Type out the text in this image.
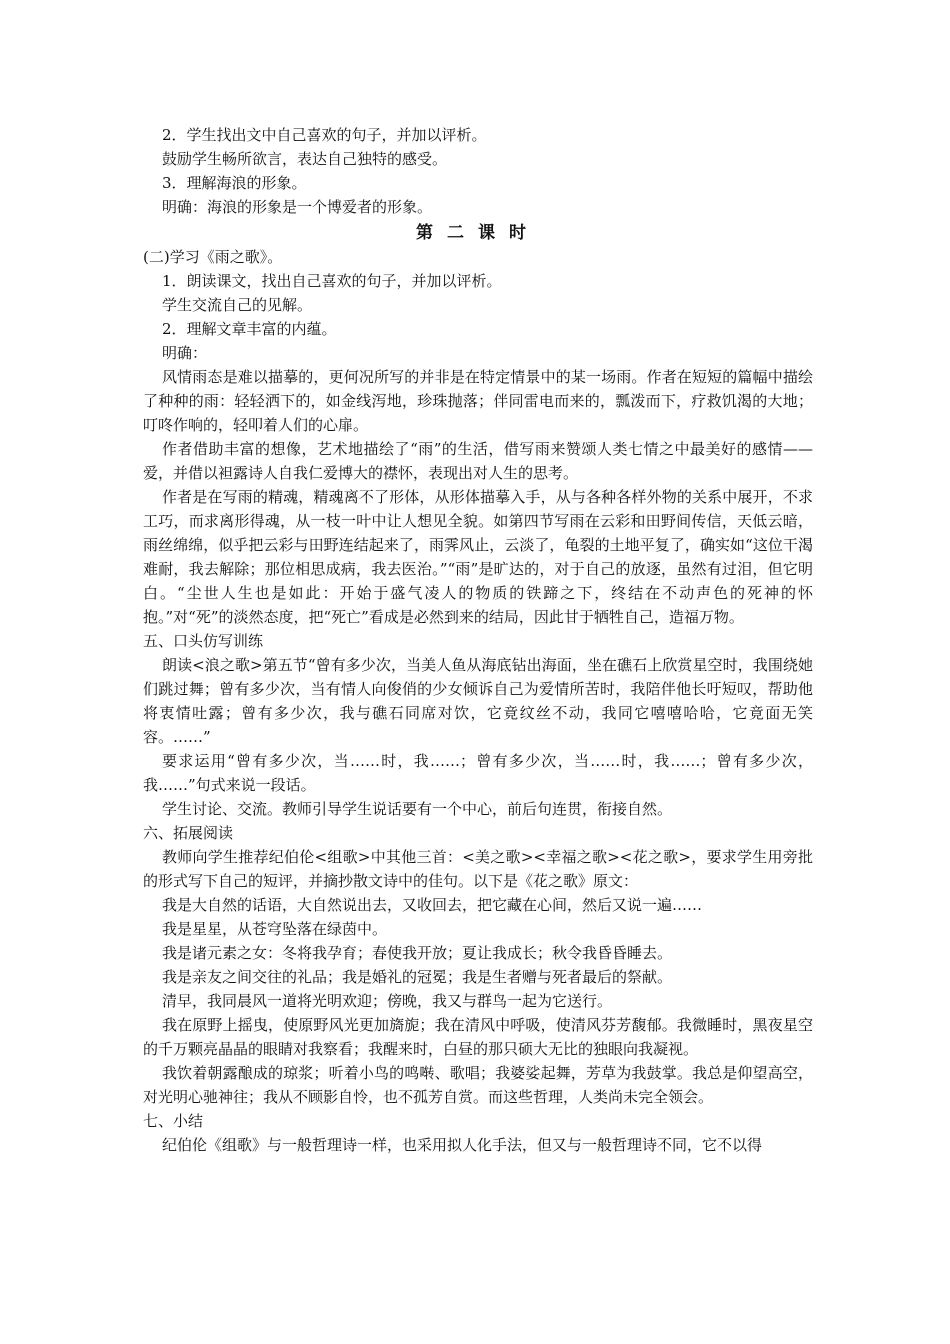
2．学生找出文中自己喜欢的句子，并加以评析。

鼓励学生畅所欲言，表达自己独特的感受。

3．理解海浪的形象。

明确：海浪的形象是一个博爱者的形象。

第二课时

(二)学习《雨之歌》。

1．朗读课文，找出自己喜欢的句子，并加以评析。

学生交流自己的见解。

2．理解文章丰富的内蕴。

明确：

风情雨态是难以描摹的，更何况所写的并非是在特定情景中的某一场雨。作者在短短的篇幅中描绘了种种的雨：轻轻洒下的，如金线泻地，珍珠抛落；伴同雷电而来的，瓢泼而下，疗救饥渴的大地；叮咚作响的，轻叩着人们的心扉。

作者借助丰富的想像，艺术地描绘了“雨”的生活，借写雨来赞颂人类七情之中最美好的感情——爱，并借以袒露诗人自我仁爱博大的襟怀，表现出对人生的思考。

作者是在写雨的精魂，精魂离不了形体，从形体描摹入手，从与各种各样外物的关系中展开，不求工巧，而求离形得魂，从一枝一叶中让人想见全貌。如第四节写雨在云彩和田野间传信，天低云暗，雨丝绵绵，似乎把云彩与田野连结起来了，雨霁风止，云淡了，龟裂的土地平复了，确实如“这位干渴难耐，我去解除；那位相思成病，我去医治。”“雨”是旷达的，对于自己的放逐，虽然有过泪，但它明白。“尘世人生也是如此：开始于盛气凌人的物质的铁蹄之下，终结在不动声色的死神的怀抱。”对“死”的淡然态度，把“死亡”看成是必然到来的结局，因此甘于牺牲自己，造福万物。

五、口头仿写训练

朗读<浪之歌>第五节“曾有多少次，当美人鱼从海底钻出海面，坐在礁石上欣赏星空时，我围绕她们跳过舞；曾有多少次，当有情人向俊俏的少女倾诉自己为爱情所苦时，我陪伴他长吁短叹，帮助他将衷情吐露；曾有多少次，我与礁石同席对饮，它竟纹丝不动，我同它嘻嘻哈哈，它竟面无笑容。……”

要求运用“曾有多少次，当……时，我……；曾有多少次，当……时，我……；曾有多少次，我……”句式来说一段话。

学生讨论、交流。教师引导学生说话要有一个中心，前后句连贯，衔接自然。

六、拓展阅读

教师向学生推荐纪伯伦<组歌>中其他三首：<美之歌><幸福之歌><花之歌>，要求学生用旁批的形式写下自己的短评，并摘抄散文诗中的佳句。以下是《花之歌》原文：

我是大自然的话语，大自然说出去，又收回去，把它藏在心间，然后又说一遍……

我是星星，从苍穹坠落在绿茵中。

我是诸元素之女：冬将我孕育；春使我开放；夏让我成长；秋令我昏昏睡去。

我是亲友之间交往的礼品；我是婚礼的冠冕；我是生者赠与死者最后的祭献。

清早，我同晨风一道将光明欢迎；傍晚，我又与群鸟一起为它送行。

我在原野上摇曳，使原野风光更加旖旎；我在清风中呼吸，使清风芬芳馥郁。我微睡时，黑夜星空的千万颗亮晶晶的眼睛对我察看；我醒来时，白昼的那只硕大无比的独眼向我凝视。

我饮着朝露酿成的琼浆；听着小鸟的鸣啭、歌唱；我婆娑起舞，芳草为我鼓掌。我总是仰望高空，对光明心驰神往；我从不顾影自怜，也不孤芳自赏。而这些哲理，人类尚未完全领会。

七、小结

纪伯伦《组歌》与一般哲理诗一样，也采用拟人化手法，但又与一般哲理诗不同，它不以得
